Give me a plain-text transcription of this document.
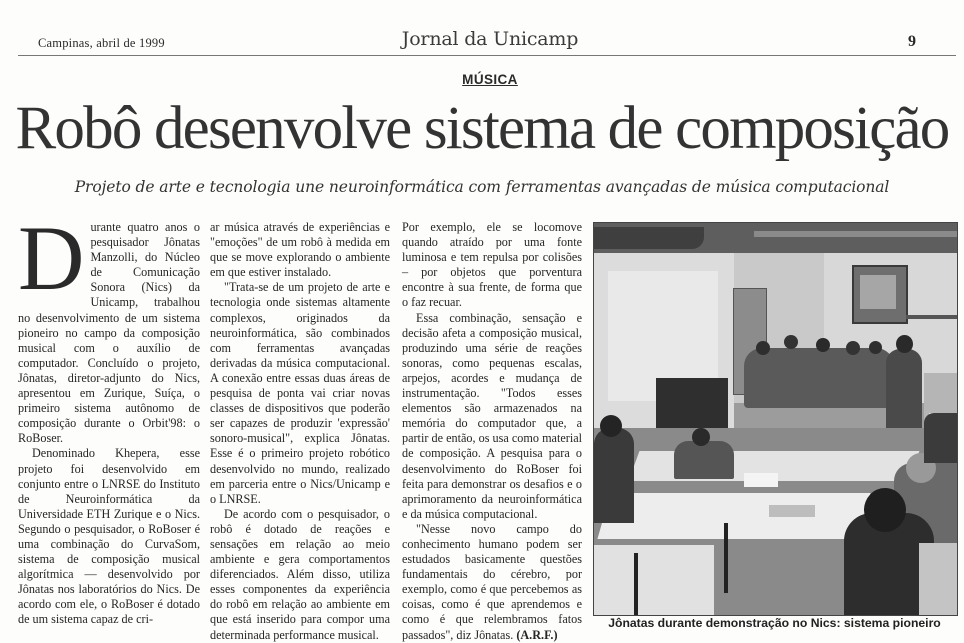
Campinas, abril de 1999	Jornal da Unicamp	9
MÚSICA
Robô desenvolve sistema de composição
Projeto de arte e tecnologia une neuroinformática com ferramentas avançadas de música computacional

Durante quatro anos o pesquisador Jônatas Manzolli, do Núcleo de Comunicação Sonora (Nics) da Unicamp, trabalhou no desenvolvimento de um sistema pioneiro no campo da composição musical com o auxílio de computador. Concluído o projeto, Jônatas, diretor-adjunto do Nics, apresentou em Zurique, Suíça, o primeiro sistema autônomo de composição durante o Orbit'98: o RoBoser.

Denominado Khepera, esse projeto foi desenvolvido em conjunto entre o LNRSE do Instituto de Neuroinformática da Universidade ETH Zurique e o Nics. Segundo o pesquisador, o RoBoser é uma combinação do CurvaSom, sistema de composição musical algorítmica — desenvolvido por Jônatas nos laboratórios do Nics. De acordo com ele, o RoBoser é dotado de um sistema capaz de cri-

ar música através de experiências e "emoções" de um robô à medida em que se move explorando o ambiente em que estiver instalado.

"Trata-se de um projeto de arte e tecnologia onde sistemas altamente complexos, originados da neuroinformática, são combinados com ferramentas avançadas derivadas da música computacional. A conexão entre essas duas áreas de pesquisa de ponta vai criar novas classes de dispositivos que poderão ser capazes de produzir 'expressão' sonoro-musical", explica Jônatas. Esse é o primeiro projeto robótico desenvolvido no mundo, realizado em parceria entre o Nics/Unicamp e o LNRSE.

De acordo com o pesquisador, o robô é dotado de reações e sensações em relação ao meio ambiente e gera comportamentos diferenciados. Além disso, utiliza esses componentes da experiência do robô em relação ao ambiente em que está inserido para compor uma determinada performance musical.

Por exemplo, ele se locomove quando atraído por uma fonte luminosa e tem repulsa por colisões – por objetos que porventura encontre à sua frente, de forma que o faz recuar.

Essa combinação, sensação e decisão afeta a composição musical, produzindo uma série de reações sonoras, como pequenas escalas, arpejos, acordes e mudança de instrumentação. "Todos esses elementos são armazenados na memória do computador que, a partir de então, os usa como material de composição. A pesquisa para o desenvolvimento do RoBoser foi feita para demonstrar os desafios e o aprimoramento da neuroinformática e da música computacional.

"Nesse novo campo do conhecimento humano podem ser estudados basicamente questões fundamentais do cérebro, por exemplo, como é que percebemos as coisas, como é que aprendemos e como é que relembramos fatos passados", diz Jônatas. (A.R.F.)

Jônatas durante demonstração no Nics: sistema pioneiro
